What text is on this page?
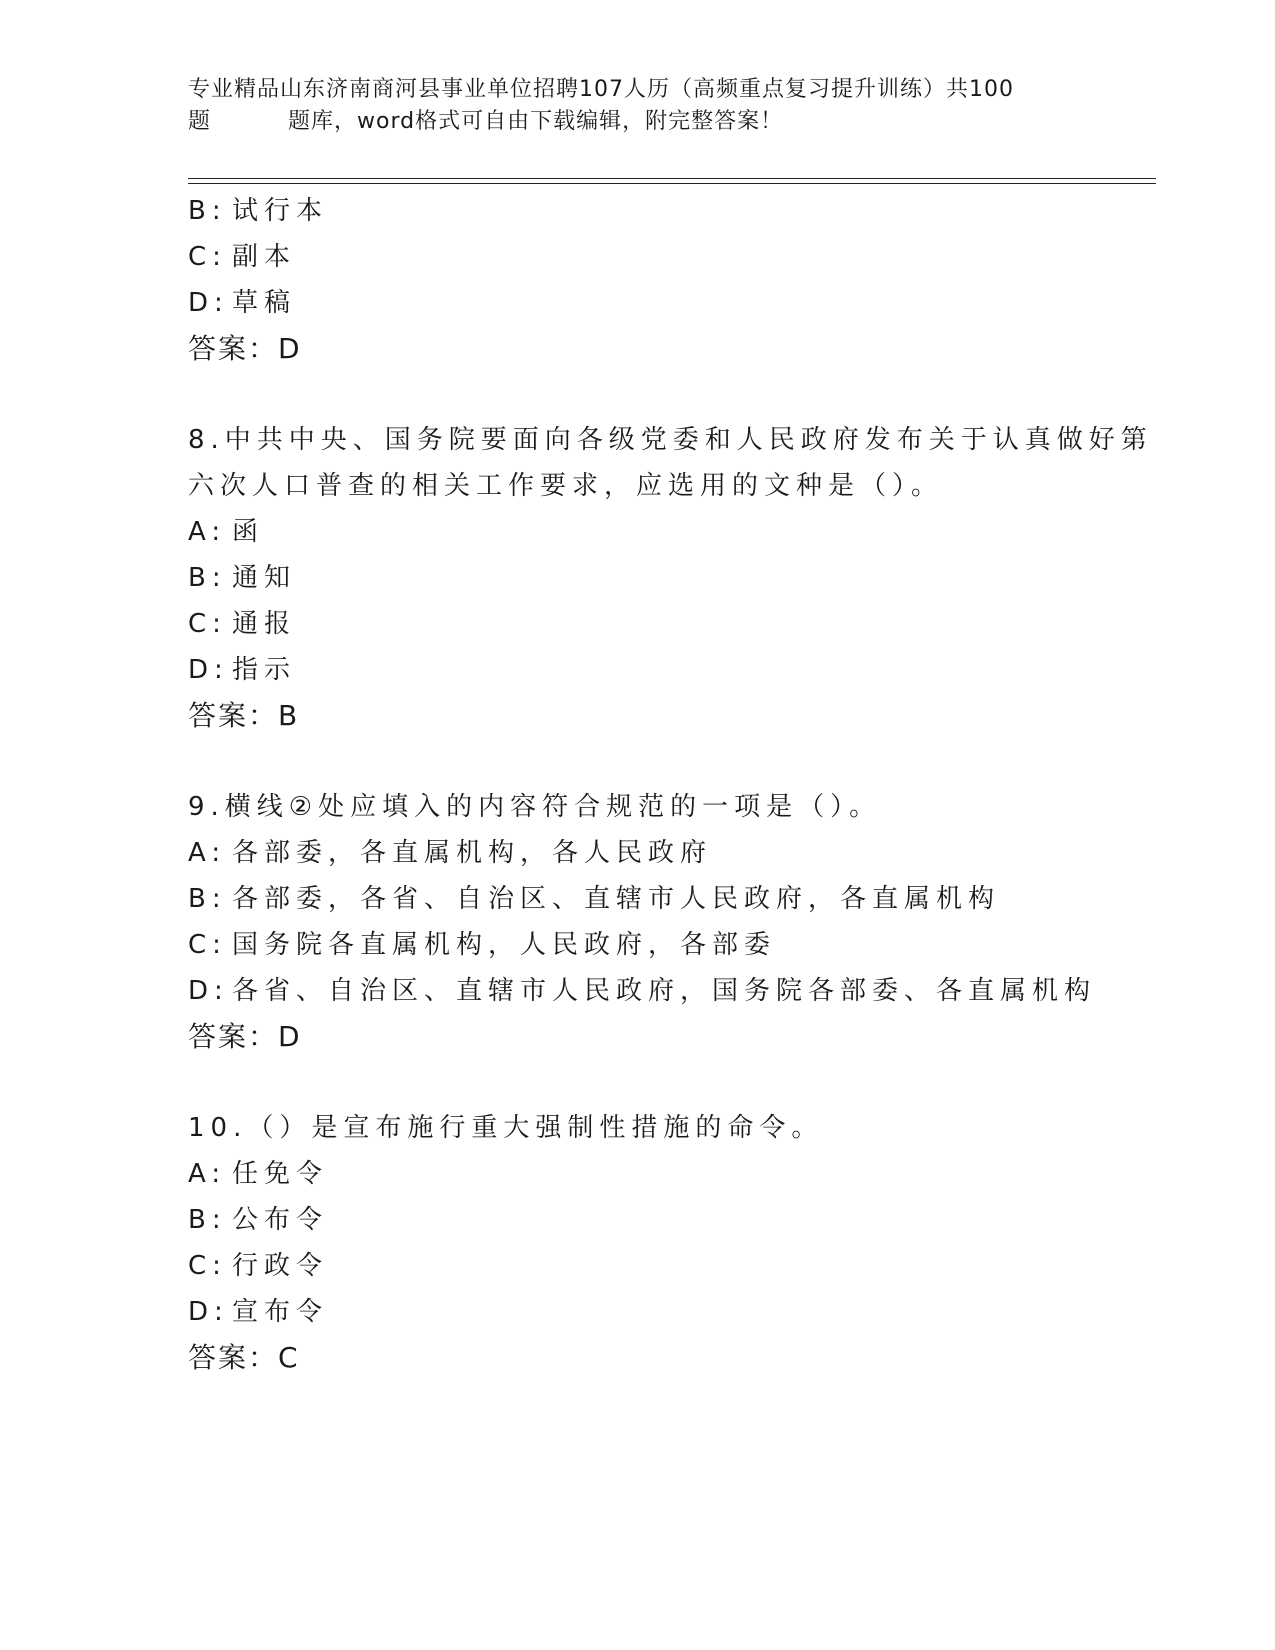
专业精品山东济南商河县事业单位招聘107人历（高频重点复习提升训练）共100
题	题库，word格式可自由下载编辑，附完整答案！
B: 试行本
C: 副本
D: 草稿
答案：D
8.中共中央、国务院要面向各级党委和人民政府发布关于认真做好第
六次人口普查的相关工作要求，应选用的文种是（）。
A: 函
B: 通知
C: 通报
D: 指示
答案：B
9.横线②处应填入的内容符合规范的一项是（）。
A: 各部委，各直属机构，各人民政府
B: 各部委，各省、自治区、直辖市人民政府，各直属机构
C: 国务院各直属机构，人民政府，各部委
D: 各省、自治区、直辖市人民政府，国务院各部委、各直属机构
答案：D
10.（）是宣布施行重大强制性措施的命令。
A: 任免令
B: 公布令
C: 行政令
D: 宣布令
答案：C
